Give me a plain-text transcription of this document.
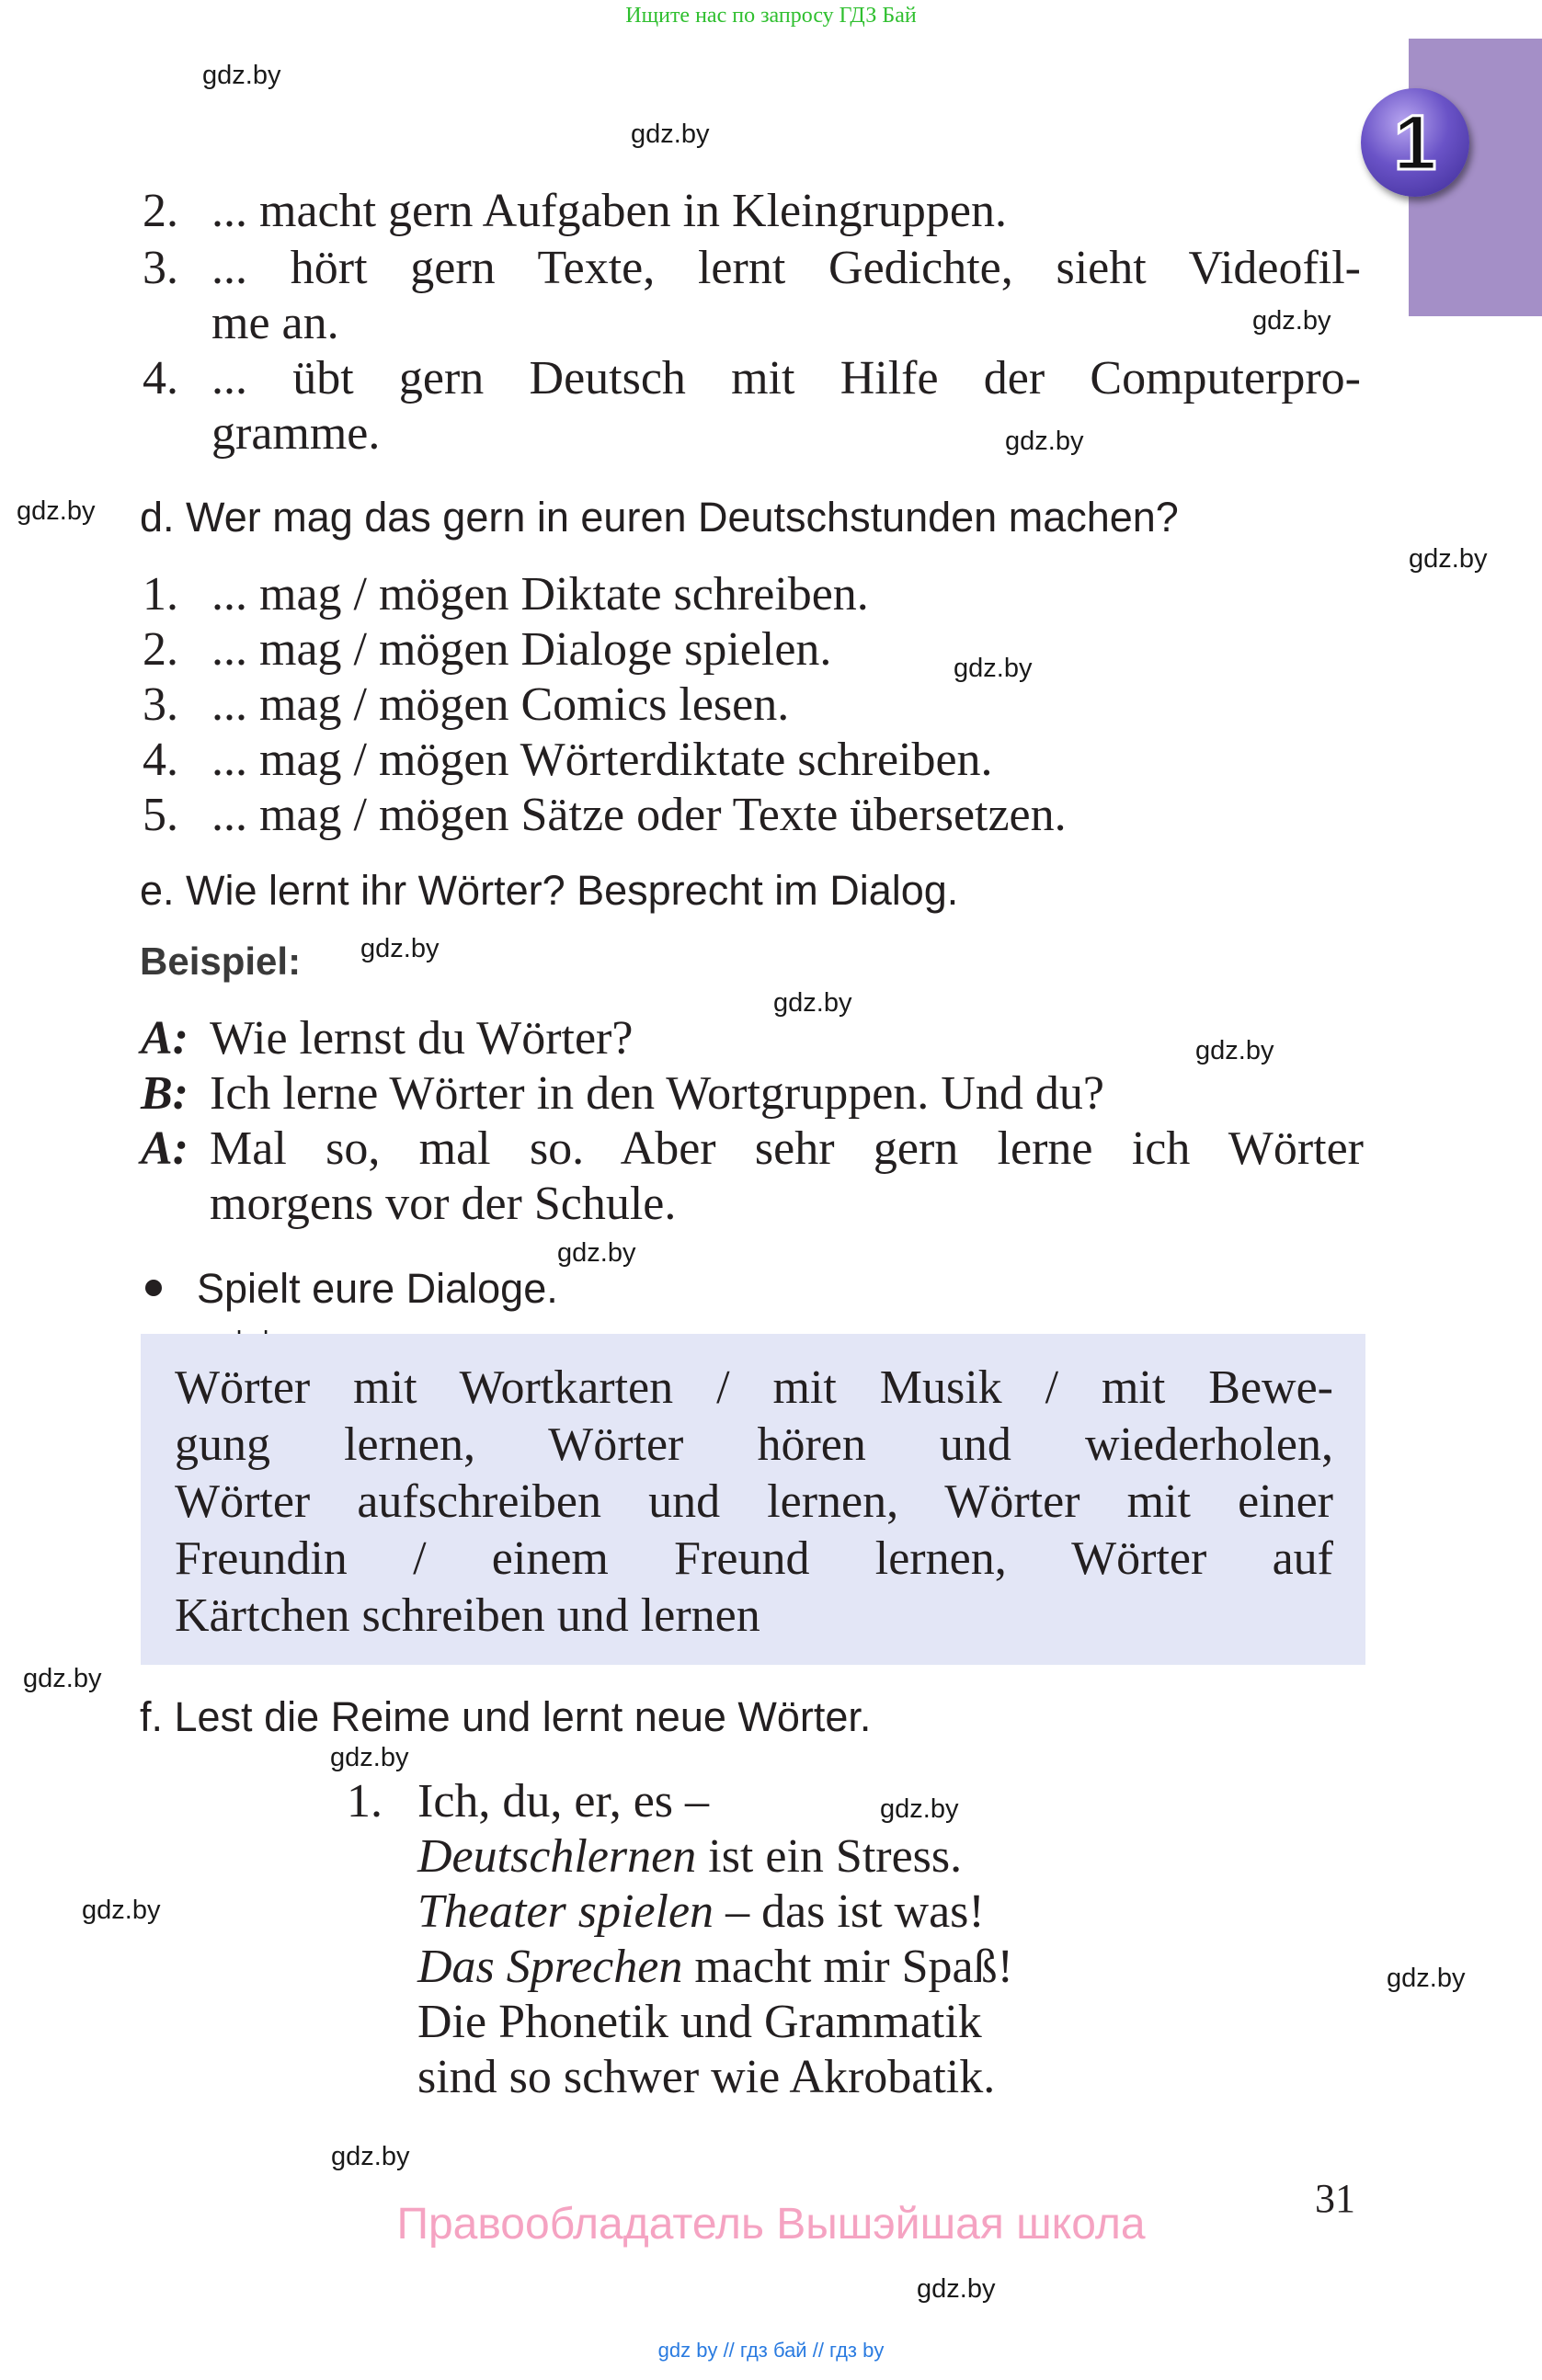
Ищите нас по запросу ГДЗ Бай
1
gdz.by
gdz.by
gdz.by
gdz.by
gdz.by
gdz.by
gdz.by
gdz.by
gdz.by
gdz.by
gdz.by
gdz.by
gdz.by
gdz.by
gdz.by
gdz.by
gdz.by
gdz.by
2. ... macht gern Aufgaben in Kleingruppen.
3. ... hört gern Texte, lernt Gedichte, sieht Videofil-
me an.
4. ... übt gern Deutsch mit Hilfe der Computerpro-
gramme.
d. Wer mag das gern in euren Deutschstunden machen?
1. ... mag / mögen Diktate schreiben.
2. ... mag / mögen Dialoge spielen.
3. ... mag / mögen Comics lesen.
4. ... mag / mögen Wörterdiktate schreiben.
5. ... mag / mögen Sätze oder Texte übersetzen.
e. Wie lernt ihr Wörter? Besprecht im Dialog.
Beispiel:
A: Wie lernst du Wörter?
B: Ich lerne Wörter in den Wortgruppen. Und du?
A: Mal so, mal so. Aber sehr gern lerne ich Wörter
morgens vor der Schule.
Spielt eure Dialoge.
Wörter mit Wortkarten / mit Musik / mit Bewe-
gung lernen, Wörter hören und wiederholen,
Wörter aufschreiben und lernen, Wörter mit einer
Freundin / einem Freund lernen, Wörter auf
Kärtchen schreiben und lernen
f. Lest die Reime und lernt neue Wörter.
1. Ich, du, er, es –
Deutschlernen ist ein Stress.
Theater spielen – das ist was!
Das Sprechen macht mir Spaß!
Die Phonetik und Grammatik
sind so schwer wie Akrobatik.
31
Правообладатель Вышэйшая школа
gdz by // гдз бай // гдз by
